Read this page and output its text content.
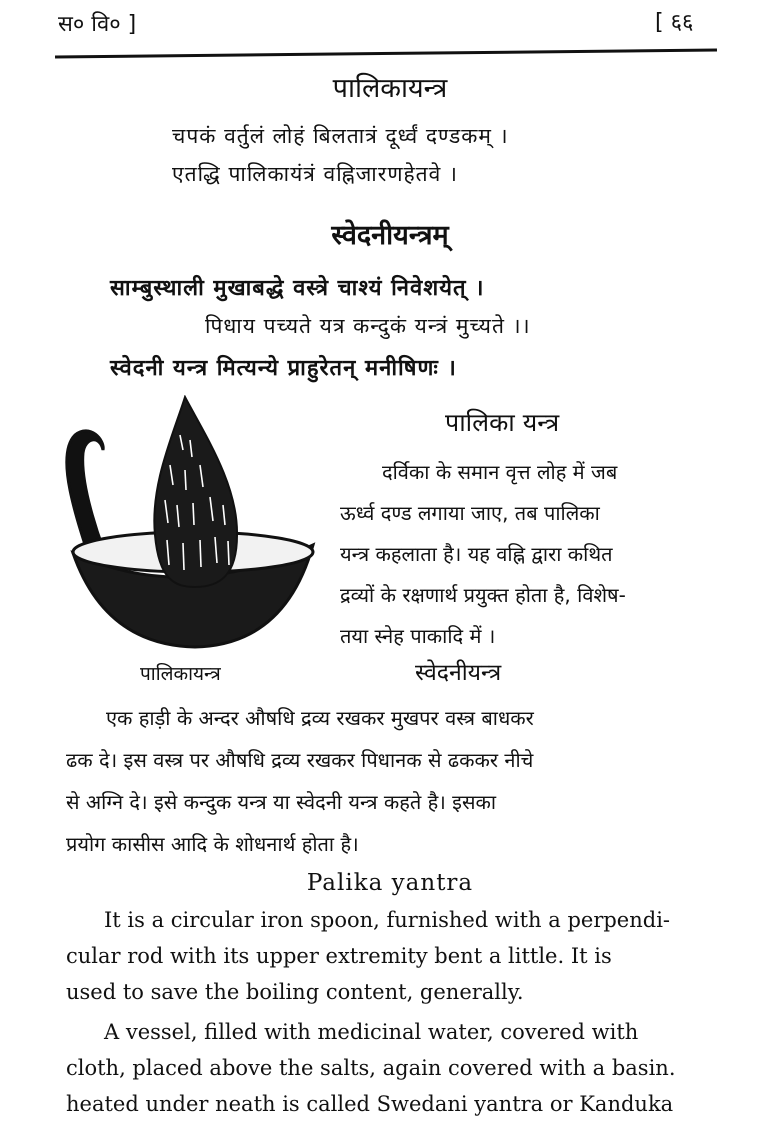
स० वि० ]	[ ६६
पालिकायन्त्र
चपकं वर्तुलं लोहं बिलतात्रं दूर्ध्वं दण्डकम् ।
एतद्धि पालिकायंत्रं वह्निजारणहेतवे ।
स्वेदनीयन्त्रम्
साम्बुस्थाली मुखाबद्धे वस्त्रे चाश्यं निवेशयेत् ।
पिधाय पच्यते यत्र कन्दुकं यन्त्रं मुच्यते ।।
स्वेदनी यन्त्र मित्यन्ये प्राहुरेतन् मनीषिणः ।
पालिकायन्त्र
पालिका यन्त्र
दर्विका के समान वृत्त लोह में जब
ऊर्ध्व दण्ड लगाया जाए, तब पालिका
यन्त्र कहलाता है। यह वह्नि द्वारा कथित
द्रव्यों के रक्षणार्थ प्रयुक्त होता है, विशेष-
तया स्नेह पाकादि में ।
स्वेदनीयन्त्र
एक हाड़ी के अन्दर औषधि द्रव्य रखकर मुखपर वस्त्र बाधकर
ढक दे। इस वस्त्र पर औषधि द्रव्य रखकर पिधानक से ढककर नीचे
से अग्नि दे। इसे कन्दुक यन्त्र या स्वेदनी यन्त्र कहते है। इसका
प्रयोग कासीस आदि के शोधनार्थ होता है।
Palika yantra
It is a circular iron spoon, furnished with a perpendi-
cular rod with its upper extremity bent a little. It is
used to save the boiling content, generally.
A vessel, filled with medicinal water, covered with
cloth, placed above the salts, again covered with a basin.
heated under neath is called Swedani yantra or Kanduka
